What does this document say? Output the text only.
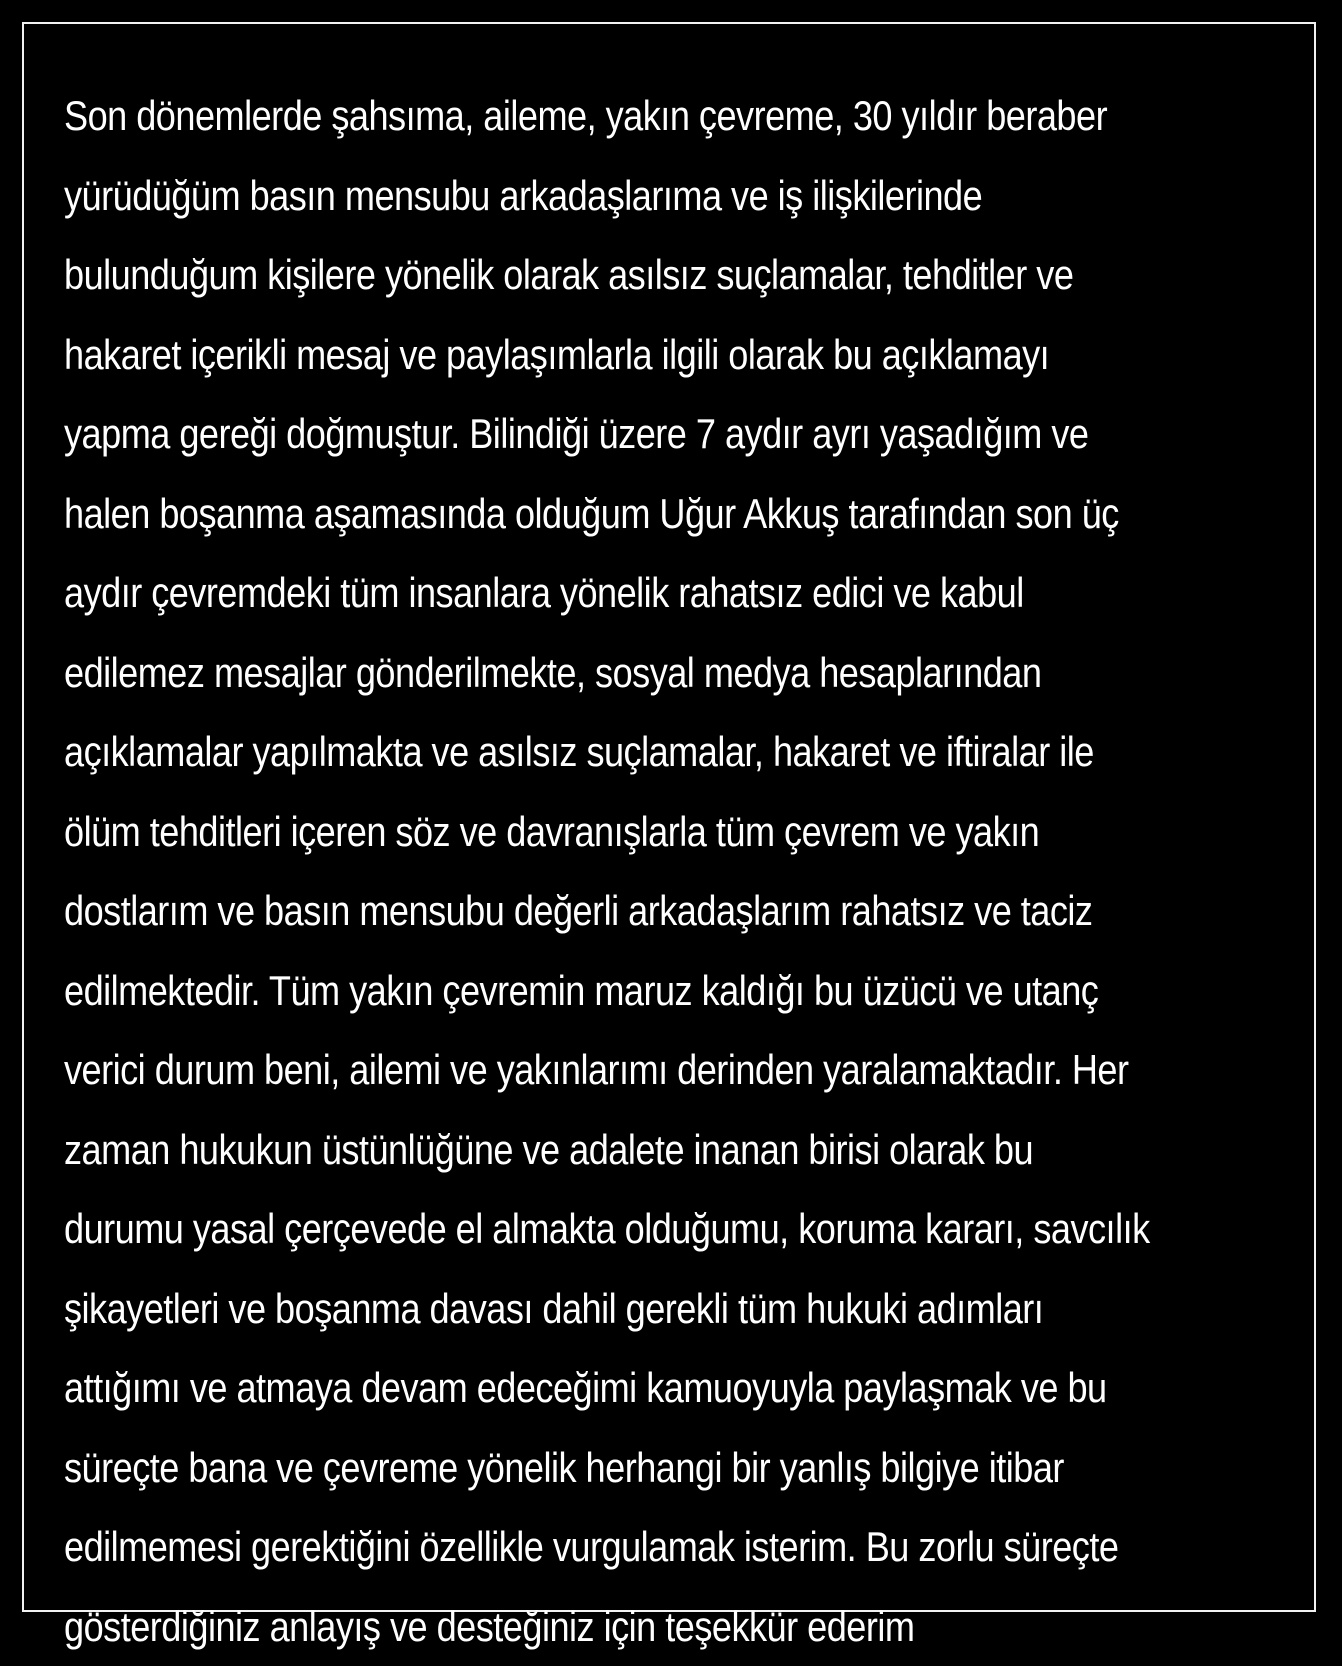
Son dönemlerde şahsıma, aileme, yakın çevreme, 30 yıldır beraber
yürüdüğüm basın mensubu arkadaşlarıma ve iş ilişkilerinde
bulunduğum kişilere yönelik olarak asılsız suçlamalar, tehditler ve
hakaret içerikli mesaj ve paylaşımlarla ilgili olarak bu açıklamayı
yapma gereği doğmuştur. Bilindiği üzere 7 aydır ayrı yaşadığım ve
halen boşanma aşamasında olduğum Uğur Akkuş tarafından son üç
aydır çevremdeki tüm insanlara yönelik rahatsız edici ve kabul
edilemez mesajlar gönderilmekte, sosyal medya hesaplarından
açıklamalar yapılmakta ve asılsız suçlamalar, hakaret ve iftiralar ile
ölüm tehditleri içeren söz ve davranışlarla tüm çevrem ve yakın
dostlarım ve basın mensubu değerli arkadaşlarım rahatsız ve taciz
edilmektedir. Tüm yakın çevremin maruz kaldığı bu üzücü ve utanç
verici durum beni, ailemi ve yakınlarımı derinden yaralamaktadır. Her
zaman hukukun üstünlüğüne ve adalete inanan birisi olarak bu
durumu yasal çerçevede el almakta olduğumu, koruma kararı, savcılık
şikayetleri ve boşanma davası dahil gerekli tüm hukuki adımları
attığımı ve atmaya devam edeceğimi kamuoyuyla paylaşmak ve bu
süreçte bana ve çevreme yönelik herhangi bir yanlış bilgiye itibar
edilmemesi gerektiğini özellikle vurgulamak isterim. Bu zorlu süreçte
gösterdiğiniz anlayış ve desteğiniz için teşekkür ederim
